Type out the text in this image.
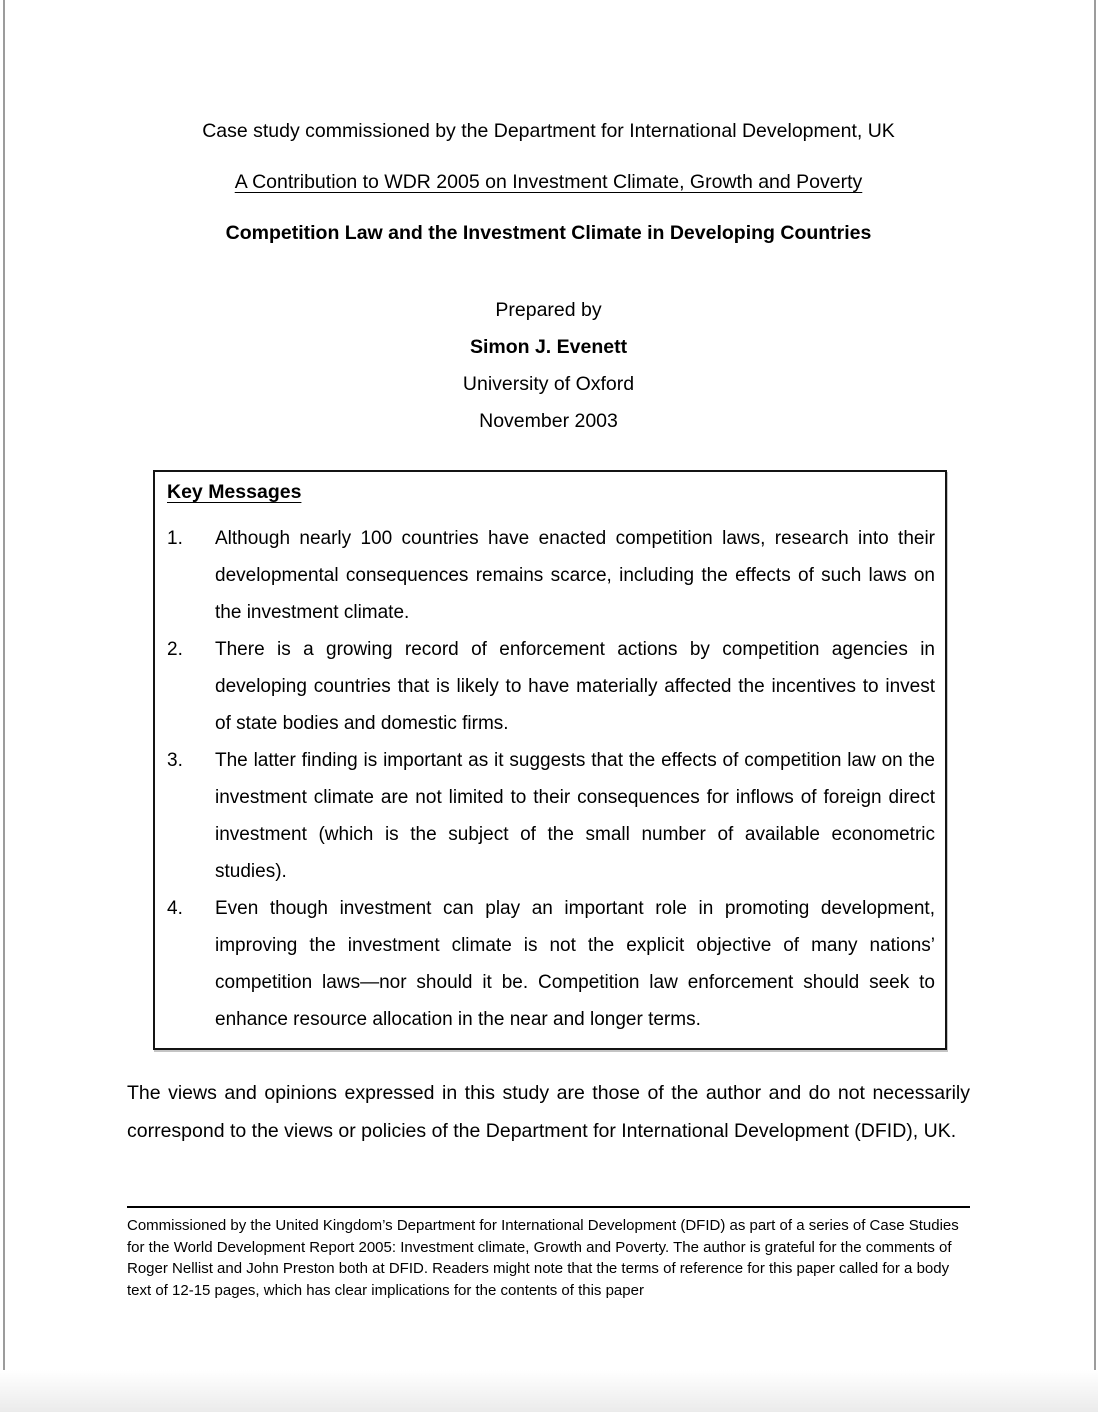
Case study commissioned by the Department for International Development, UK

A Contribution to WDR 2005 on Investment Climate, Growth and Poverty

Competition Law and the Investment Climate in Developing Countries

Prepared by

Simon J. Evenett

University of Oxford

November 2003

Key Messages

1.	Although nearly 100 countries have enacted competition laws, research into their developmental consequences remains scarce, including the effects of such laws on the investment climate.
2.	There is a growing record of enforcement actions by competition agencies in developing countries that is likely to have materially affected the incentives to invest of state bodies and domestic firms.
3.	The latter finding is important as it suggests that the effects of competition law on the investment climate are not limited to their consequences for inflows of foreign direct investment (which is the subject of the small number of available econometric studies).
4.	Even though investment can play an important role in promoting development, improving the investment climate is not the explicit objective of many nations’ competition laws—nor should it be. Competition law enforcement should seek to enhance resource allocation in the near and longer terms.

The views and opinions expressed in this study are those of the author and do not necessarily correspond to the views or policies of the Department for International Development (DFID), UK.

Commissioned by the United Kingdom’s Department for International Development (DFID) as part of a series of Case Studies for the World Development Report 2005: Investment climate, Growth and Poverty. The author is grateful for the comments of Roger Nellist and John Preston both at DFID. Readers might note that the terms of reference for this paper called for a body text of 12-15 pages, which has clear implications for the contents of this paper
